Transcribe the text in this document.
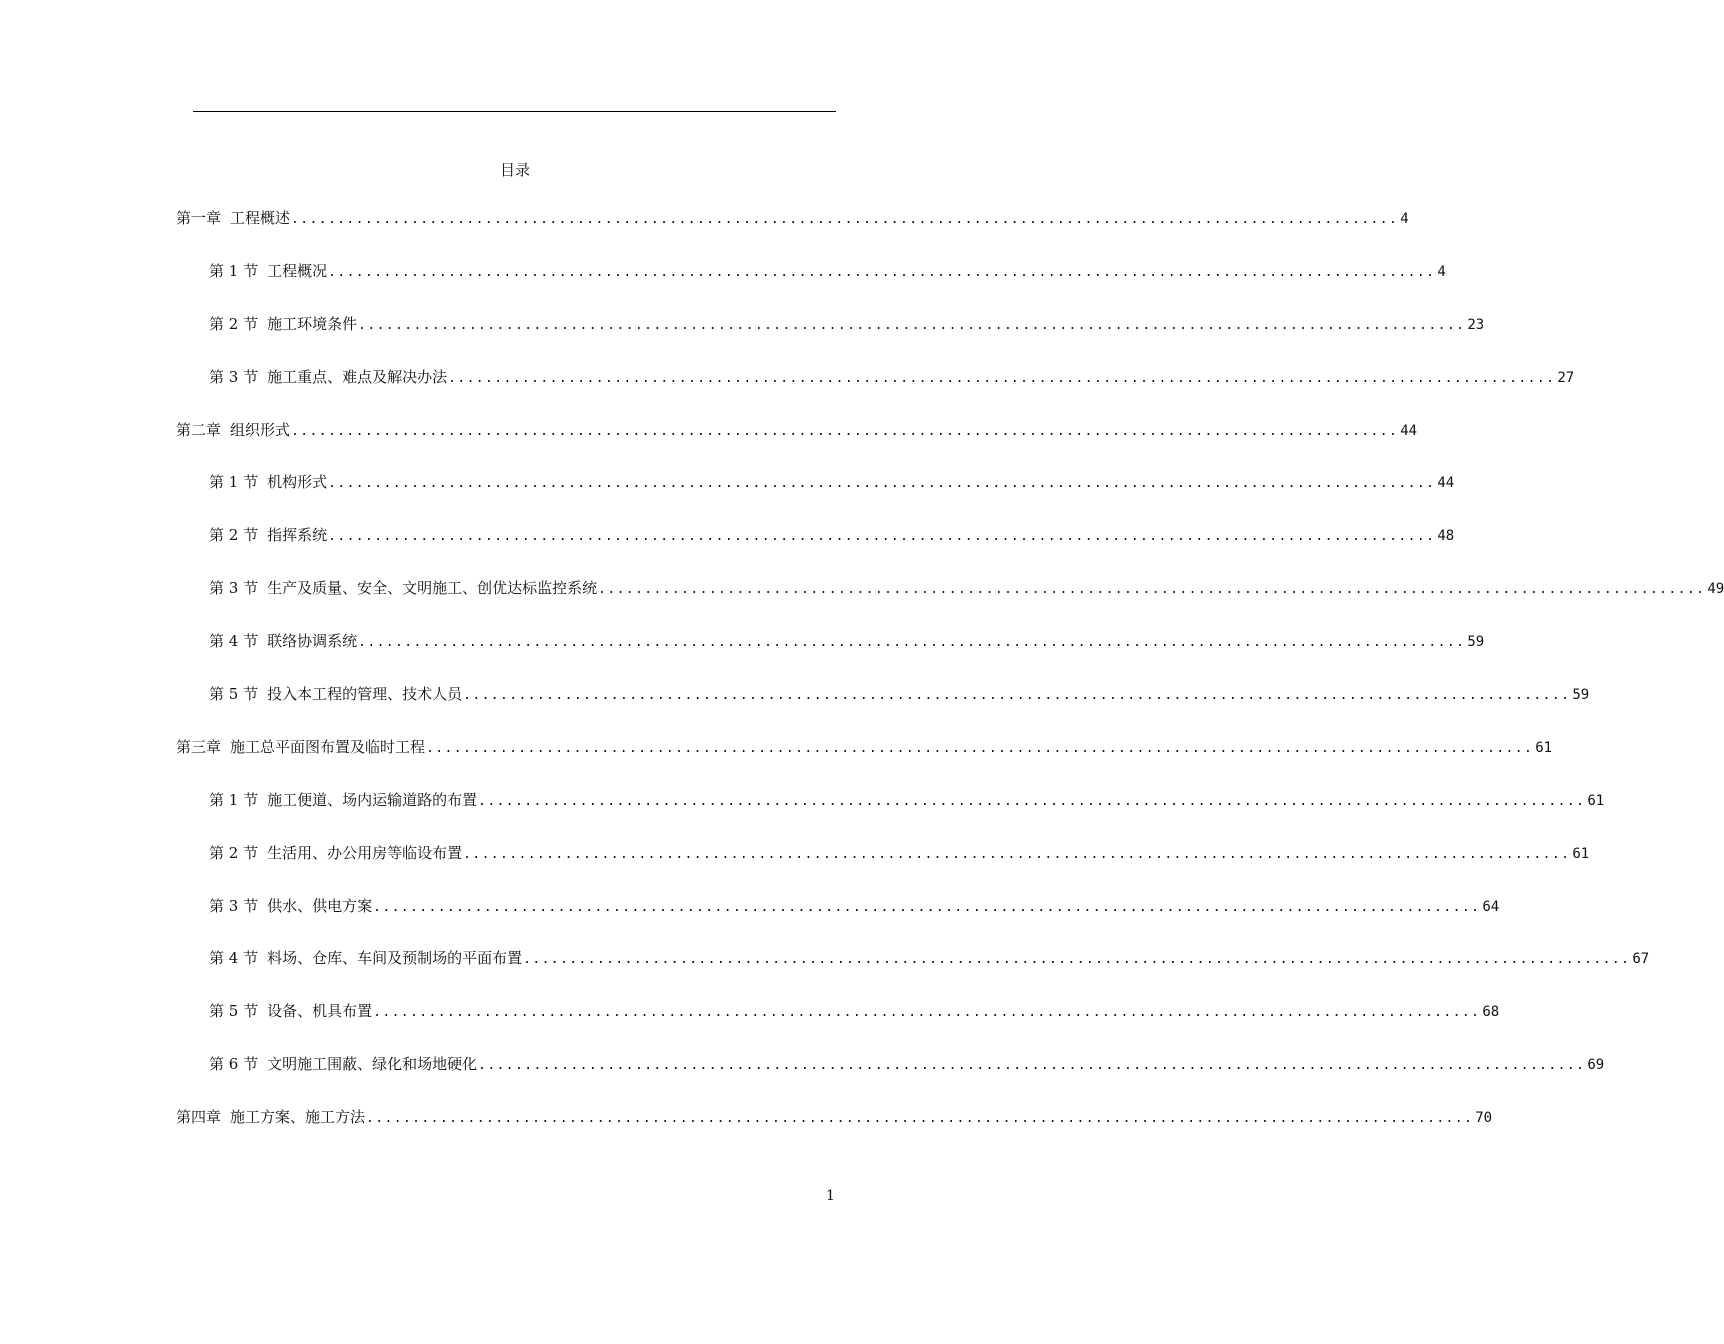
目录
第一章 工程概述 ........................................................................................................................ 4
第 1 节 工程概况 ........................................................................................................................ 4
第 2 节 施工环境条件 ........................................................................................................................ 23
第 3 节 施工重点、难点及解决办法 ........................................................................................................................ 27
第二章 组织形式 ........................................................................................................................ 44
第 1 节 机构形式 ........................................................................................................................ 44
第 2 节 指挥系统 ........................................................................................................................ 48
第 3 节 生产及质量、安全、文明施工、创优达标监控系统 ........................................................................................................................ 49
第 4 节 联络协调系统 ........................................................................................................................ 59
第 5 节 投入本工程的管理、技术人员 ........................................................................................................................ 59
第三章 施工总平面图布置及临时工程 ........................................................................................................................ 61
第 1 节 施工便道、场内运输道路的布置 ........................................................................................................................ 61
第 2 节 生活用、办公用房等临设布置 ........................................................................................................................ 61
第 3 节 供水、供电方案 ........................................................................................................................ 64
第 4 节 料场、仓库、车间及预制场的平面布置 ........................................................................................................................ 67
第 5 节 设备、机具布置 ........................................................................................................................ 68
第 6 节 文明施工围蔽、绿化和场地硬化 ........................................................................................................................ 69
第四章 施工方案、施工方法 ........................................................................................................................ 70
1
